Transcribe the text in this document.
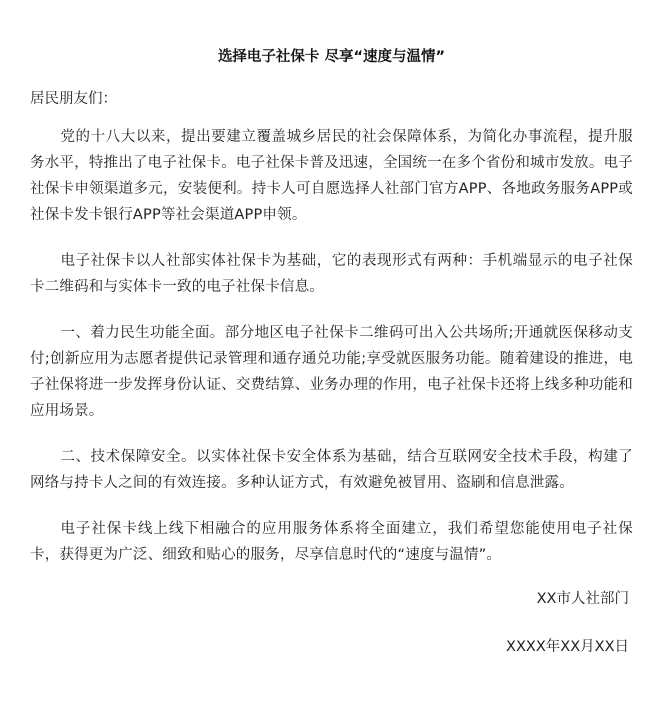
选择电子社保卡 尽享“速度与温情”
居民朋友们：

党的十八大以来，提出要建立覆盖城乡居民的社会保障体系，为简化办事流程，提升服务水平，特推出了电子社保卡。电子社保卡普及迅速，全国统一在多个省份和城市发放。电子社保卡申领渠道多元，安装便利。持卡人可自愿选择人社部门官方APP、各地政务服务APP或社保卡发卡银行APP等社会渠道APP申领。

电子社保卡以人社部实体社保卡为基础，它的表现形式有两种：手机端显示的电子社保卡二维码和与实体卡一致的电子社保卡信息。

一、着力民生功能全面。部分地区电子社保卡二维码可出入公共场所;开通就医保移动支付;创新应用为志愿者提供记录管理和通存通兑功能;享受就医服务功能。随着建设的推进，电子社保将进一步发挥身份认证、交费结算、业务办理的作用，电子社保卡还将上线多种功能和应用场景。

二、技术保障安全。以实体社保卡安全体系为基础，结合互联网安全技术手段，构建了网络与持卡人之间的有效连接。多种认证方式，有效避免被冒用、盗刷和信息泄露。

电子社保卡线上线下相融合的应用服务体系将全面建立，我们希望您能使用电子社保卡，获得更为广泛、细致和贴心的服务，尽享信息时代的“速度与温情”。

XX市人社部门
XXXX年XX月XX日
